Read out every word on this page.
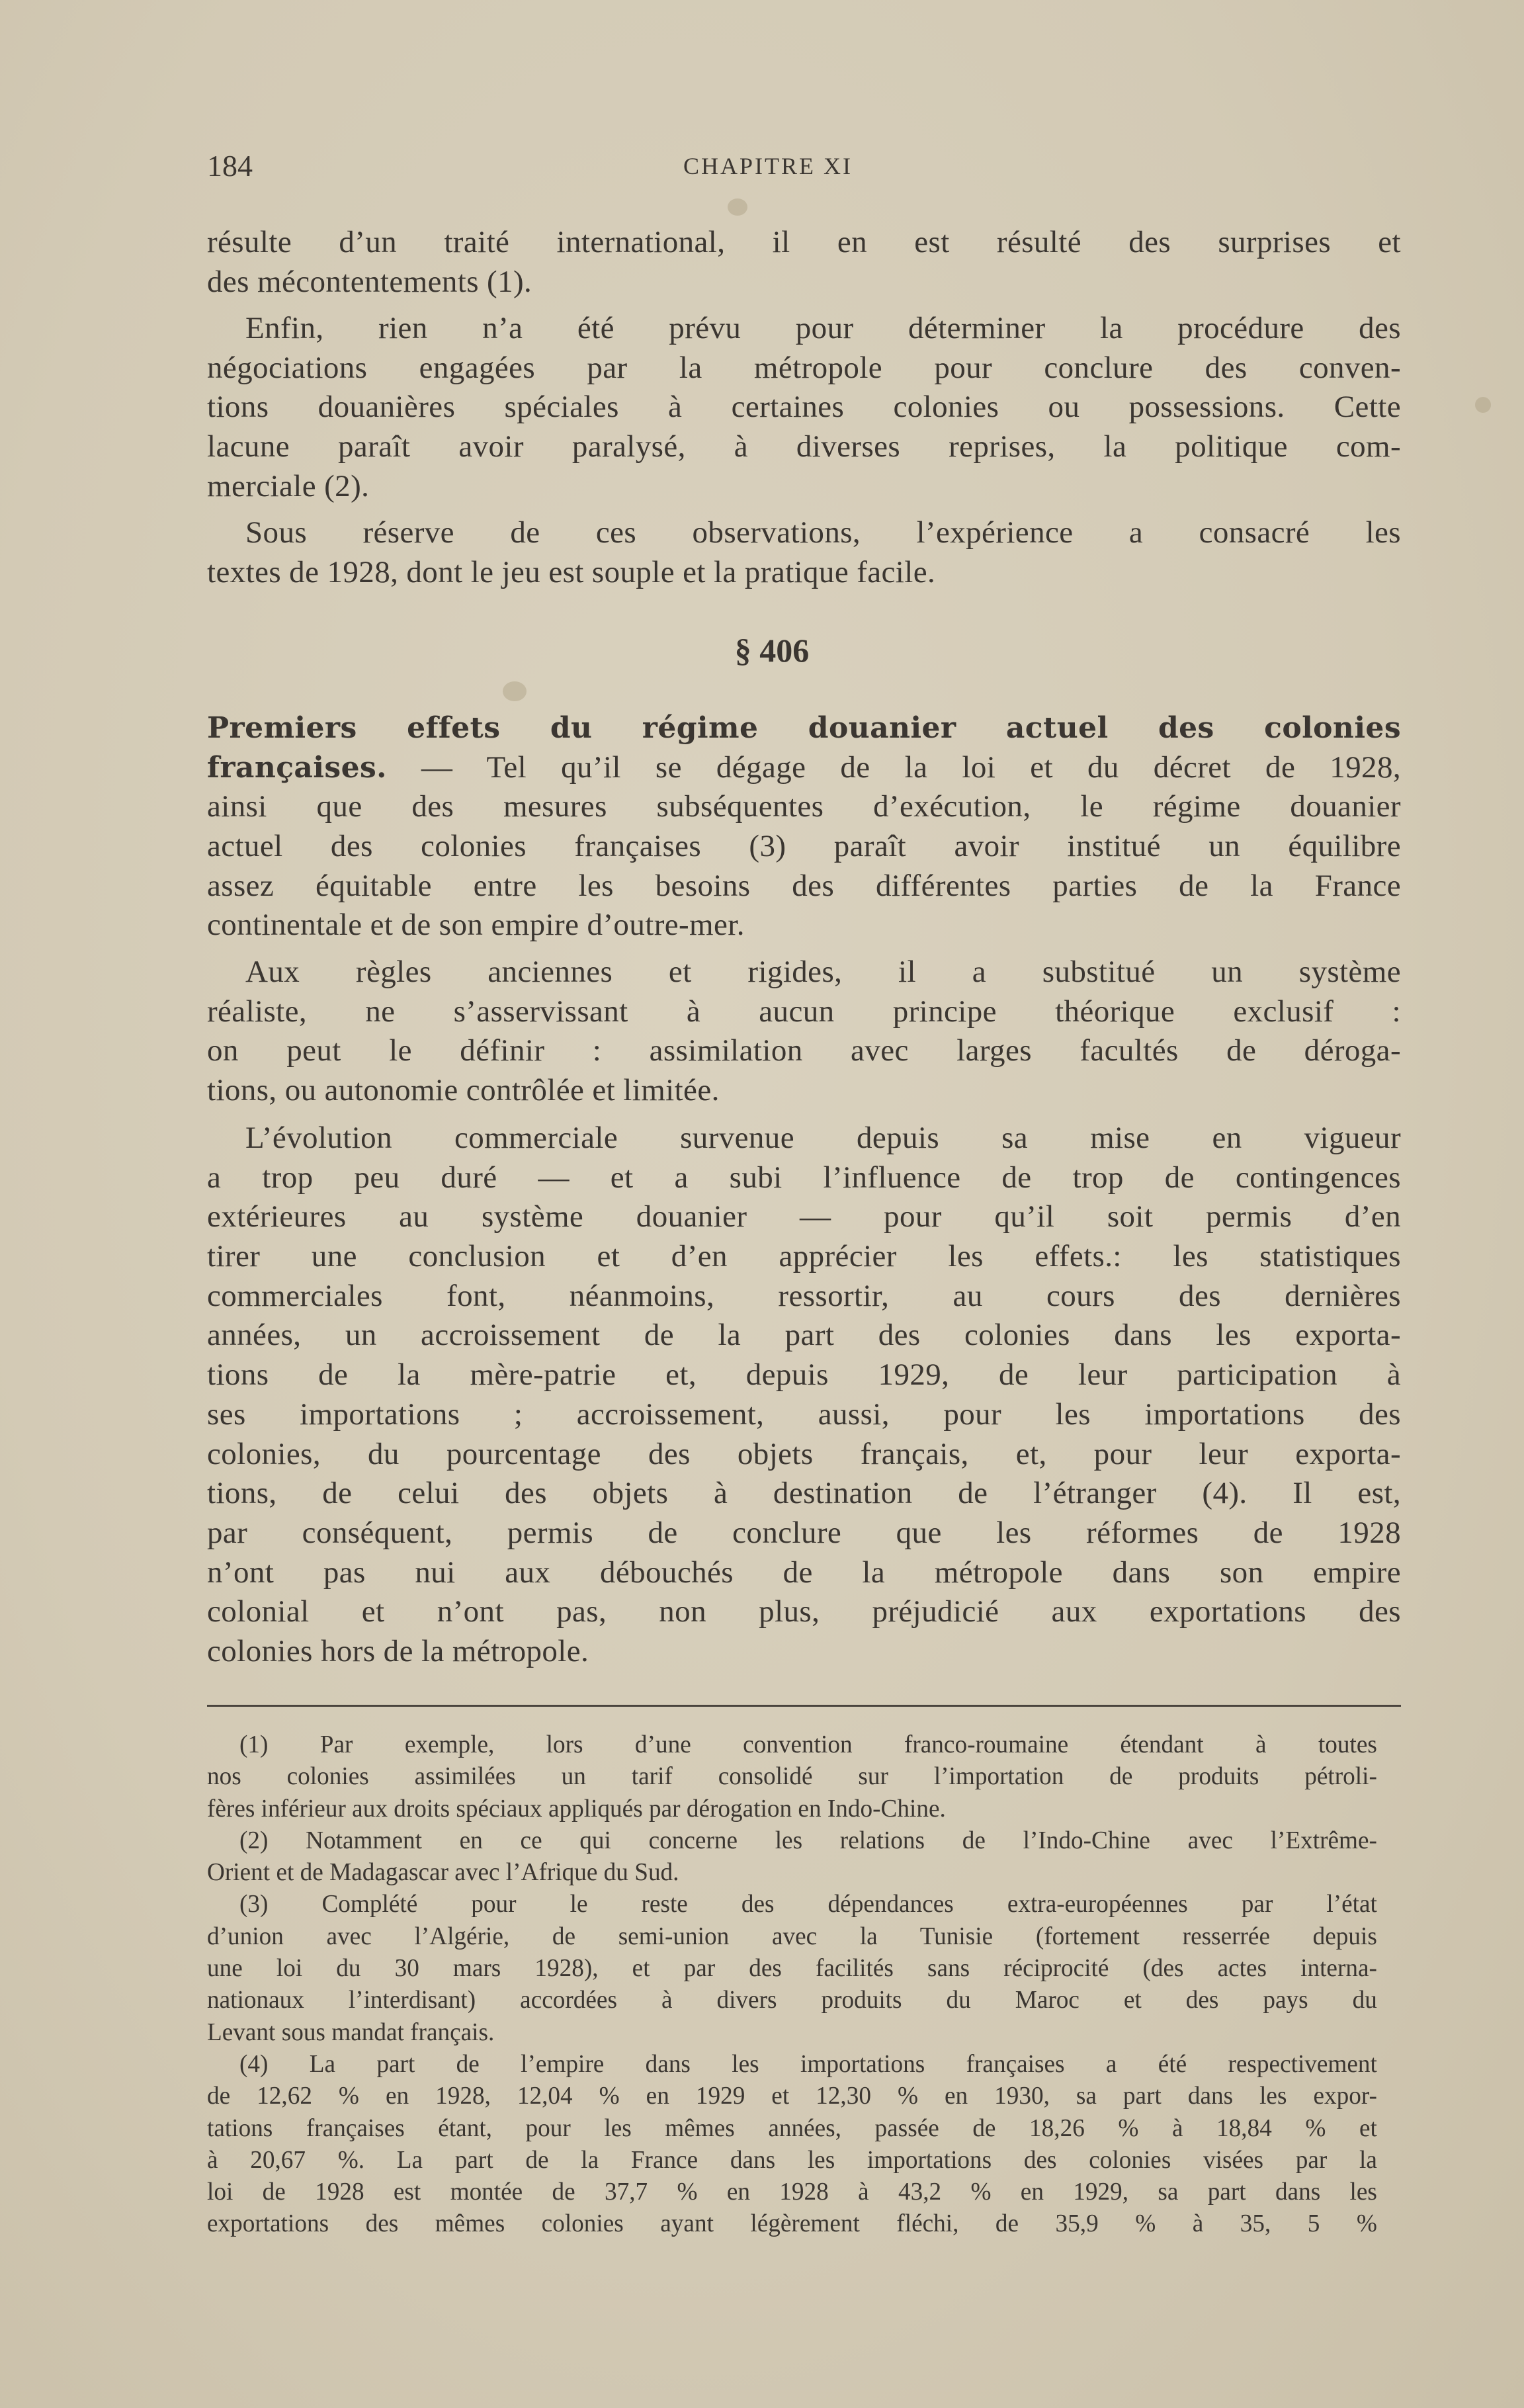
184	CHAPITRE XI
résulte d’un traité international, il en est résulté des surprises et
des mécontentements (1).
Enfin, rien n’a été prévu pour déterminer la procédure des
négociations engagées par la métropole pour conclure des conven-
tions douanières spéciales à certaines colonies ou possessions. Cette
lacune paraît avoir paralysé, à diverses reprises, la politique com-
merciale (2).
Sous réserve de ces observations, l’expérience a consacré les
textes de 1928, dont le jeu est souple et la pratique facile.
§ 406
Premiers effets du régime douanier actuel des colonies
françaises. — Tel qu’il se dégage de la loi et du décret de 1928,
ainsi que des mesures subséquentes d’exécution, le régime douanier
actuel des colonies françaises (3) paraît avoir institué un équilibre
assez équitable entre les besoins des différentes parties de la France
continentale et de son empire d’outre-mer.
Aux règles anciennes et rigides, il a substitué un système
réaliste, ne s’asservissant à aucun principe théorique exclusif :
on peut le définir : assimilation avec larges facultés de déroga-
tions, ou autonomie contrôlée et limitée.
L’évolution commerciale survenue depuis sa mise en vigueur
a trop peu duré — et a subi l’influence de trop de contingences
extérieures au système douanier — pour qu’il soit permis d’en
tirer une conclusion et d’en apprécier les effets.: les statistiques
commerciales font, néanmoins, ressortir, au cours des dernières
années, un accroissement de la part des colonies dans les exporta-
tions de la mère-patrie et, depuis 1929, de leur participation à
ses importations ; accroissement, aussi, pour les importations des
colonies, du pourcentage des objets français, et, pour leur exporta-
tions, de celui des objets à destination de l’étranger (4). Il est,
par conséquent, permis de conclure que les réformes de 1928
n’ont pas nui aux débouchés de la métropole dans son empire
colonial et n’ont pas, non plus, préjudicié aux exportations des
colonies hors de la métropole.
(1) Par exemple, lors d’une convention franco-roumaine étendant à toutes
nos colonies assimilées un tarif consolidé sur l’importation de produits pétroli-
fères inférieur aux droits spéciaux appliqués par dérogation en Indo-Chine.
(2) Notamment en ce qui concerne les relations de l’Indo-Chine avec l’Extrême-
Orient et de Madagascar avec l’Afrique du Sud.
(3) Complété pour le reste des dépendances extra-européennes par l’état
d’union avec l’Algérie, de semi-union avec la Tunisie (fortement resserrée depuis
une loi du 30 mars 1928), et par des facilités sans réciprocité (des actes interna-
nationaux l’interdisant) accordées à divers produits du Maroc et des pays du
Levant sous mandat français.
(4) La part de l’empire dans les importations françaises a été respectivement
de 12,62 % en 1928, 12,04 % en 1929 et 12,30 % en 1930, sa part dans les expor-
tations françaises étant, pour les mêmes années, passée de 18,26 % à 18,84 % et
à 20,67 %. La part de la France dans les importations des colonies visées par la
loi de 1928 est montée de 37,7 % en 1928 à 43,2 % en 1929, sa part dans les
exportations des mêmes colonies ayant légèrement fléchi, de 35,9 % à 35, 5 %
